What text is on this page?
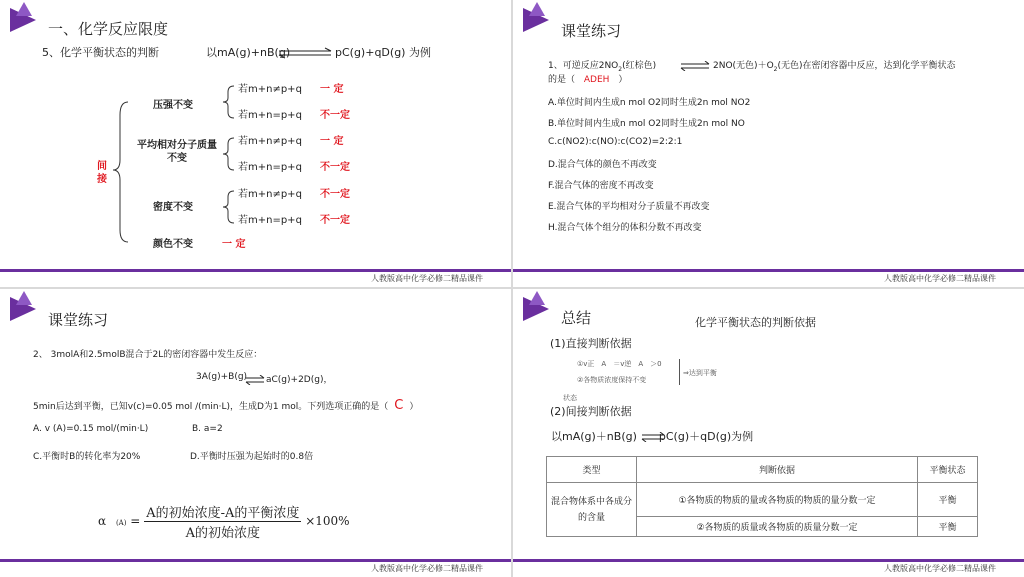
一、化学反应限度
5、化学平衡状态的判断	以mA(g)+nB(g) ⇌ pC(g)+qD(g) 为例
间接
压强不变
若m+n≠p+q 一 定
若m+n=p+q 不一定
平均相对分子质量不变
若m+n≠p+q 一 定
若m+n=p+q 不一定
密度不变
若m+n≠p+q 不一定
若m+n=p+q 不一定
颜色不变	一 定
人教版高中化学必修二精品课件
课堂练习
1、可逆反应$2NO_2$(红棕色) ⇌ 2NO(无色)$+O_2$(无色)在密闭容器中反应，达到化学平衡状态
的是（ ADEH ）
A.单位时间内生成n mol O2同时生成2n mol NO2
B.单位时间内生成n mol O2同时生成2n mol NO
C.c(NO2):c(NO):c(CO2)=2:2:1
D.混合气体的颜色不再改变
F.混合气体的密度不再改变
E.混合气体的平均相对分子质量不再改变
H.混合气体个组分的体积分数不再改变
人教版高中化学必修二精品课件
课堂练习
2、 3molA和2.5molB混合于2L的密闭容器中发生反应：
3A(g)+B(g) ⇌ aC(g)+2D(g)，
5min后达到平衡，已知v(c)=0.05 mol /(min·L)，生成D为1 mol。下列选项正确的是（ C ）
A. v (A)=0.15 mol/(min·L)	B. a=2
C.平衡时B的转化率为20%	D.平衡时压强为起始时的0.8倍
α (A) = A的初始浓度-A的平衡浓度
A的初始浓度
×100%
人教版高中化学必修二精品课件
总结	化学平衡状态的判断依据
(1)直接判断依据
①v正　A　＝v逆　A　＞0
②各物质浓度保持不变
⇒达到平衡
状态
(2)间接判断依据
以mA(g)＋nB(g)　　pC(g)＋qD(g)为例
类型	判断依据	平衡状态
混合物体系中各成分的含量	①各物质的物质的量或各物质的物质的量分数一定	平衡
	②各物质的质量或各物质的质量分数一定	平衡
人教版高中化学必修二精品课件
